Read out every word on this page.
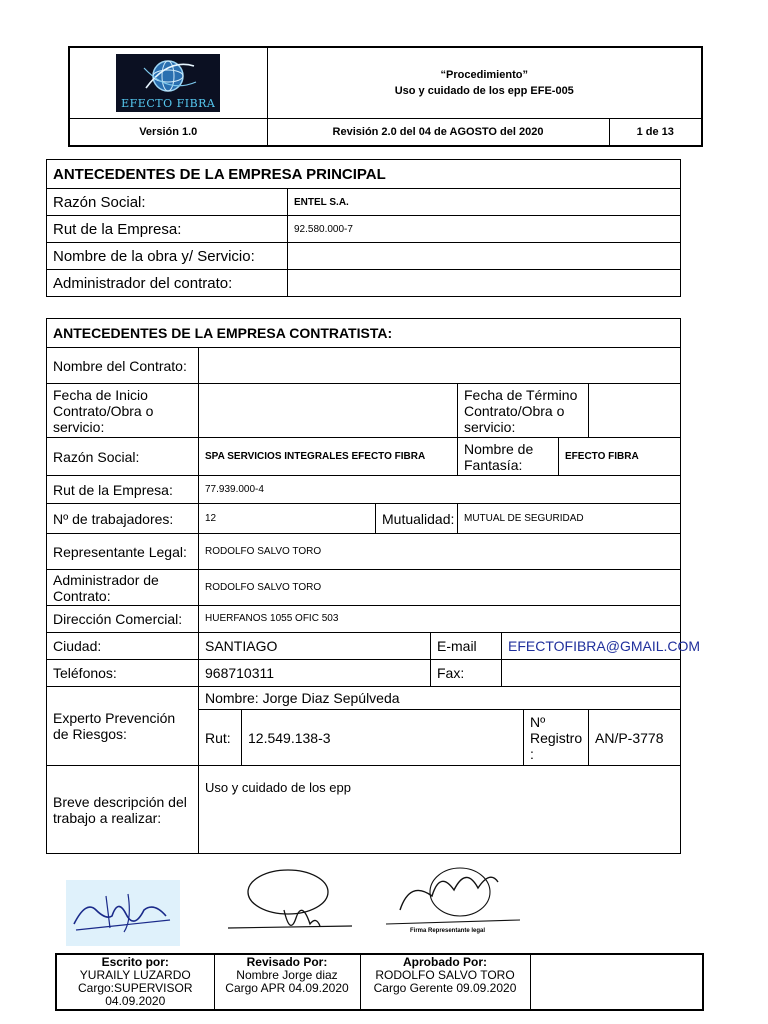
EFECTO FIBRA	“Procedimiento”
Uso y cuidado de los epp EFE-005	

Versión 1.0	Revisión 2.0 del 04 de AGOSTO del 2020	1 de 13
ANTECEDENTES DE LA EMPRESA PRINCIPAL	
Razón Social:	ENTEL S.A.
Rut de la Empresa:	92.580.000-7
Nombre de la obra y/ Servicio:	
Administrador del contrato:	
ANTECEDENTES DE LA EMPRESA CONTRATISTA:									
Nombre del Contrato:									
Fecha de Inicio Contrato/Obra o servicio:					Fecha de Término Contrato/Obra o servicio:				
Razón Social:	SPA SERVICIOS INTEGRALES EFECTO FIBRA				Nombre de Fantasía:			EFECTO FIBRA	
Rut de la Empresa:	77.939.000-4								
Nº de trabajadores:	12		Mutualidad:		MUTUAL DE SEGURIDAD				
Representante Legal:	RODOLFO SALVO TORO								
Administrador de Contrato:	RODOLFO SALVO TORO								
Dirección Comercial:	HUERFANOS 1055 OFIC 503								
Ciudad:	SANTIAGO			E-mail		EFECTOFIBRA@GMAIL.COM			
Teléfonos:	968710311			Fax:					
Experto Prevención de Riesgos:	Nombre: Jorge Diaz Sepúlveda								
	Rut:	12.549.138-3					Nº Registro :		AN/P-3778
Breve descripción del trabajo a realizar:	Uso y cuidado de los epp								
Firma Representante legal
Escrito por:
YURAILY LUZARDO
Cargo:SUPERVISOR
04.09.2020

Revisado Por:
Nombre Jorge diaz
Cargo APR 04.09.2020

Aprobado Por:
RODOLFO SALVO TORO
Cargo Gerente 09.09.2020
